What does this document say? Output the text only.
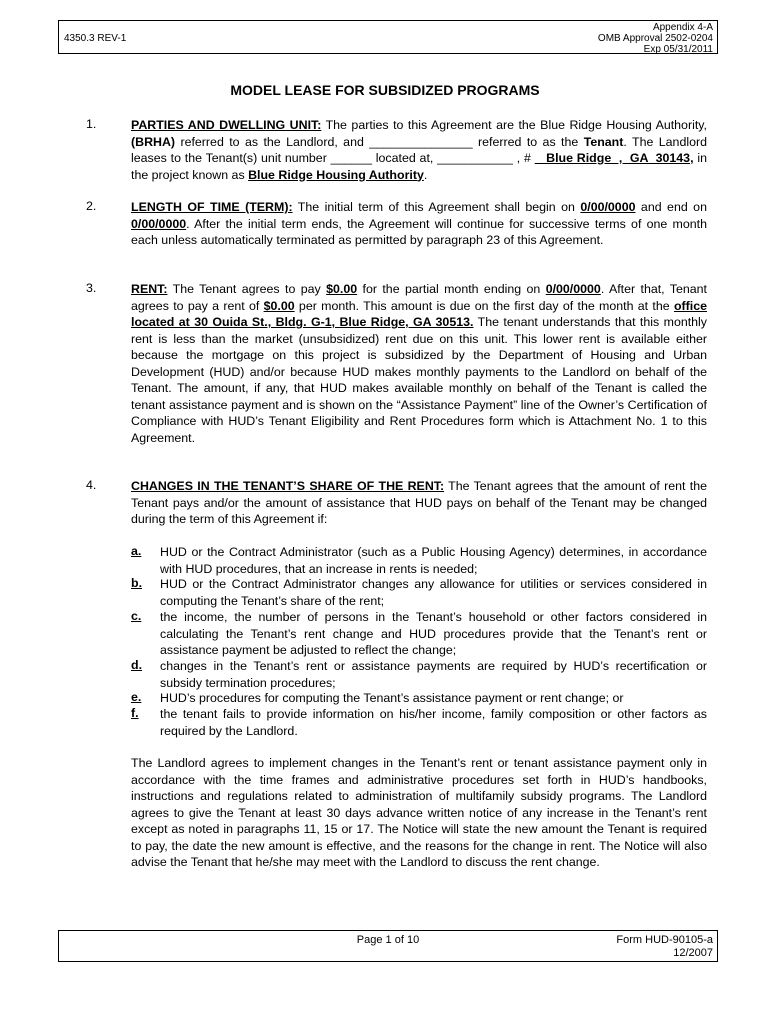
4350.3 REV-1
Appendix 4-A
OMB Approval 2502-0204
Exp 05/31/2011
MODEL LEASE FOR SUBSIDIZED PROGRAMS
1.	PARTIES AND DWELLING UNIT: The parties to this Agreement are the Blue Ridge Housing Authority,(BRHA) referred to as the Landlord, and _______________ referred to as the Tenant. The Landlord leases to the Tenant(s) unit number ______ located at, ___________ , #    Blue Ridge  ,  GA  30143, in the project known as Blue Ridge Housing Authority.
2.	LENGTH OF TIME (TERM): The initial term of this Agreement shall begin on 0/00/0000 and end on 0/00/0000. After the initial term ends, the Agreement will continue for successive terms of one month each unless automatically terminated as permitted by paragraph 23 of this Agreement.
3.	RENT: The Tenant agrees to pay $0.00 for the partial month ending on 0/00/0000. After that, Tenant agrees to pay a rent of $0.00 per month. This amount is due on the first day of the month at the office located at 30 Ouida St., Bldg. G-1, Blue Ridge, GA 30513. The tenant understands that this monthly rent is less than the market (unsubsidized) rent due on this unit. This lower rent is available either because the mortgage on this project is subsidized by the Department of Housing and Urban Development (HUD) and/or because HUD makes monthly payments to the Landlord on behalf of the Tenant. The amount, if any, that HUD makes available monthly on behalf of the Tenant is called the tenant assistance payment and is shown on the “Assistance Payment” line of the Owner’s Certification of Compliance with HUD’s Tenant Eligibility and Rent Procedures form which is Attachment No. 1 to this Agreement.
4.	CHANGES IN THE TENANT’S SHARE OF THE RENT: The Tenant agrees that the amount of rent the Tenant pays and/or the amount of assistance that HUD pays on behalf of the Tenant may be changed during the term of this Agreement if:
a. HUD or the Contract Administrator (such as a Public Housing Agency) determines, in accordance with HUD procedures, that an increase in rents is needed;
b. HUD or the Contract Administrator changes any allowance for utilities or services considered in computing the Tenant’s share of the rent;
c. the income, the number of persons in the Tenant’s household or other factors considered in calculating the Tenant’s rent change and HUD procedures provide that the Tenant’s rent or assistance payment be adjusted to reflect the change;
d. changes in the Tenant’s rent or assistance payments are required by HUD’s recertification or subsidy termination procedures;
e. HUD’s procedures for computing the Tenant’s assistance payment or rent change; or
f. the tenant fails to provide information on his/her income, family composition or other factors as required by the Landlord.
The Landlord agrees to implement changes in the Tenant’s rent or tenant assistance payment only in accordance with the time frames and administrative procedures set forth in HUD’s handbooks, instructions and regulations related to administration of multifamily subsidy programs. The Landlord agrees to give the Tenant at least 30 days advance written notice of any increase in the Tenant’s rent except as noted in paragraphs 11, 15 or 17. The Notice will state the new amount the Tenant is required to pay, the date the new amount is effective, and the reasons for the change in rent. The Notice will also advise the Tenant that he/she may meet with the Landlord to discuss the rent change.
Page 1 of 10	Form HUD-90105-a
12/2007
